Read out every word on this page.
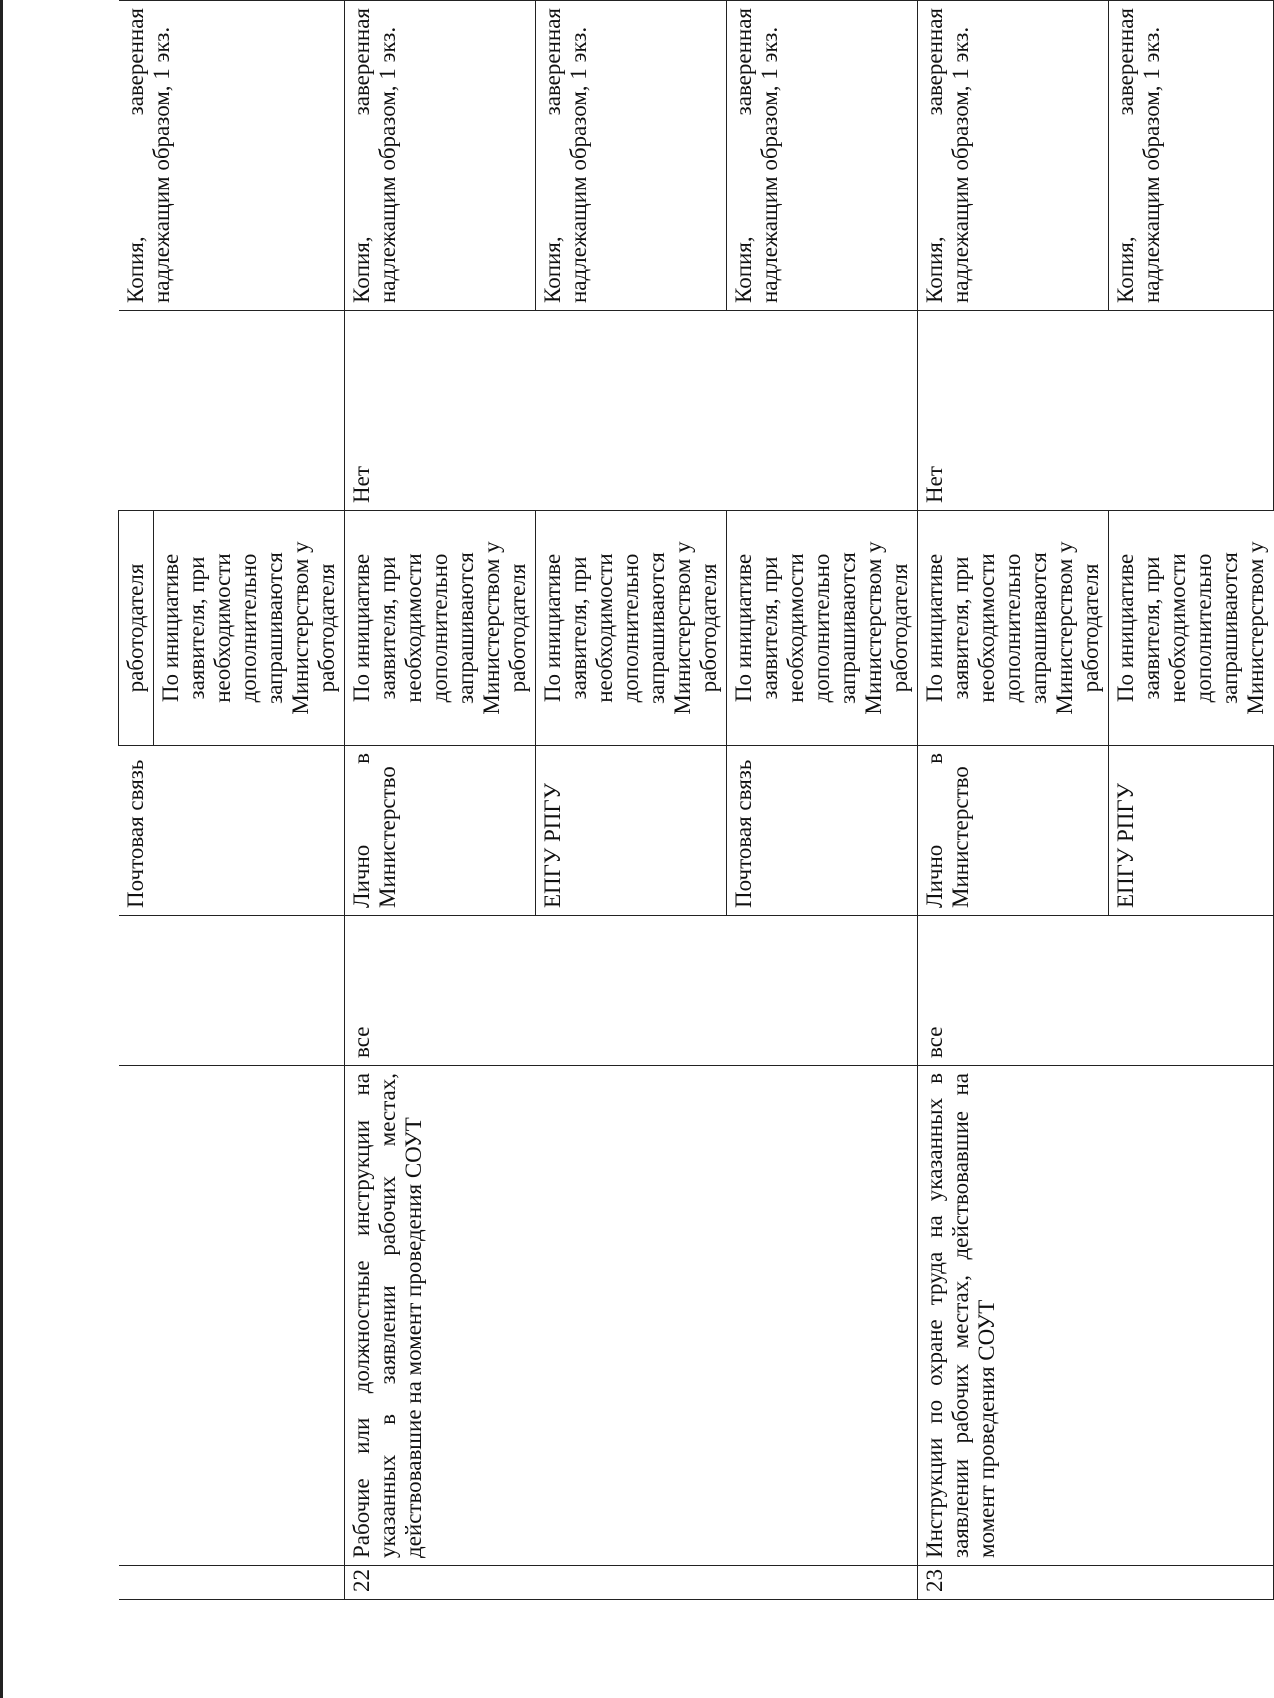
			Почтовая связь	работодателя По инициативе заявителя, при необходимости дополнительно запрашиваются Министерством у работодателя		Копия, заверенная надлежащим образом, 1 экз.

22	Рабочие или должностные инструкции на указанных в заявлении рабочих местах, действовавшие на момент проведения СОУТ	все	Лично в Министерство	По инициативе заявителя, при необходимости дополнительно запрашиваются Министерством у работодателя	Нет	Копия, заверенная надлежащим образом, 1 экз.
			ЕПГУ РПГУ	По инициативе заявителя, при необходимости дополнительно запрашиваются Министерством у работодателя		Копия, заверенная надлежащим образом, 1 экз.
			Почтовая связь	По инициативе заявителя, при необходимости дополнительно запрашиваются Министерством у работодателя		Копия, заверенная надлежащим образом, 1 экз.
23	Инструкции по охране труда на указанных в заявлении рабочих местах, действовавшие на момент проведения СОУТ	все	Лично в Министерство	По инициативе заявителя, при необходимости дополнительно запрашиваются Министерством у работодателя	Нет	Копия, заверенная надлежащим образом, 1 экз.
			ЕПГУ РПГУ	По инициативе заявителя, при необходимости дополнительно запрашиваются Министерством у		Копия, заверенная надлежащим образом, 1 экз.
